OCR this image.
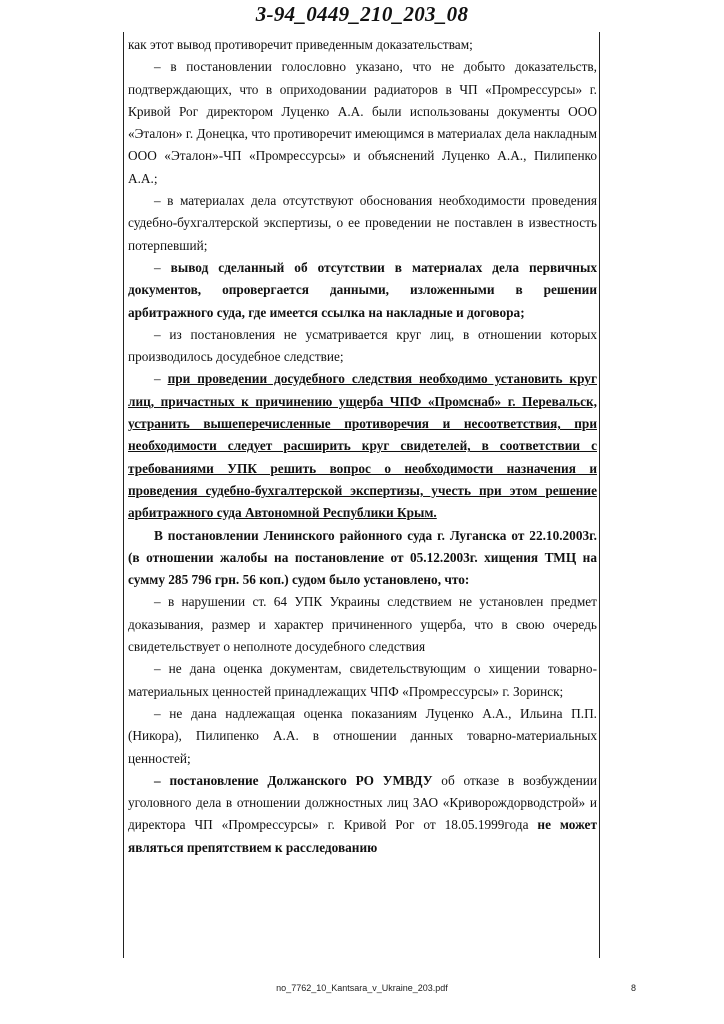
3-94_0449_210_203_08

как этот вывод противоречит приведенным доказательствам;

– в постановлении голословно указано, что не добыто доказательств, подтверждающих, что в оприходовании радиаторов в ЧП «Промрессурсы» г. Кривой Рог директором Луценко А.А. были использованы документы ООО «Эталон» г. Донецка, что противоречит имеющимся в материалах дела накладным ООО «Эталон»-ЧП «Промрессурсы» и объяснений Луценко А.А., Пилипенко А.А.;

– в материалах дела отсутствуют обоснования необходимости проведения судебно-бухгалтерской экспертизы, о ее проведении не поставлен в известность потерпевший;

– вывод сделанный об отсутствии в материалах дела первичных документов, опровергается данными, изложенными в решении арбитражного суда, где имеется ссылка на накладные и договора;

– из постановления не усматривается круг лиц, в отношении которых производилось досудебное следствие;

– при проведении досудебного следствия необходимо установить круг лиц, причастных к причинению ущерба ЧПФ «Промснаб» г. Перевальск, устранить вышеперечисленные противоречия и несоответствия, при необходимости следует расширить круг свидетелей, в соответствии с требованиями УПК решить вопрос о необходимости назначения и проведения судебно-бухгалтерской экспертизы, учесть при этом решение арбитражного суда Автономной Республики Крым.

В постановлении Ленинского районного суда г. Луганска от 22.10.2003г. (в отношении жалобы на постановление от 05.12.2003г. хищения ТМЦ на сумму 285 796 грн. 56 коп.) судом было установлено, что:

– в нарушении ст. 64 УПК Украины следствием не установлен предмет доказывания, размер и характер причиненного ущерба, что в свою очередь свидетельствует о неполноте досудебного следствия

– не дана оценка документам, свидетельствующим о хищении товарно-материальных ценностей принадлежащих ЧПФ «Промрессурсы» г. Зоринск;

– не дана надлежащая оценка показаниям Луценко А.А., Ильина П.П. (Никора), Пилипенко А.А. в отношении данных товарно-материальных ценностей;

– постановление Должанского РО УМВДУ об отказе в возбуждении уголовного дела в отношении должностных лиц ЗАО «Криворождорводстрой» и директора ЧП «Промрессурсы» г. Кривой Рог от 18.05.1999года не может являться препятствием к расследованию

no_7762_10_Kantsara_v_Ukraine_203.pdf	8
